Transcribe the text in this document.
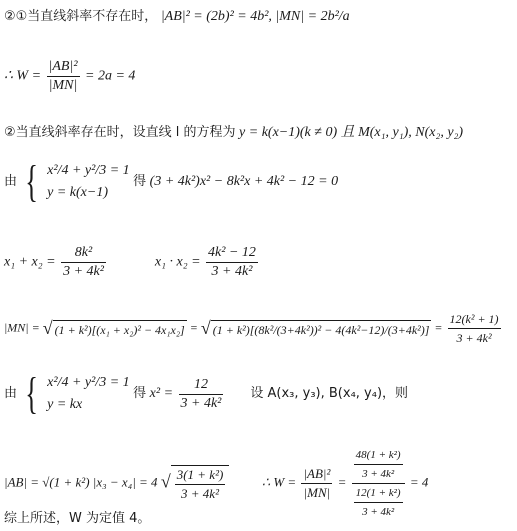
②①当直线斜率不存在时， |AB|² = (2b)² = 4b², |MN| = 2b²/a
∴ $W = \frac{\text{|AB|²}}{|MN|} = 2a = 4$
②当直线斜率存在时，设直线 l 的方程为 y = k(x−1)(k ≠ 0) 且 M(x₁, y₁), N(x₂, y₂)
由 { x²/4 + y²/3 = 1
y = k(x−1)
得 (3 + 4k²)x² − 8k²x + 4k² − 12 = 0
$x_1 + x_2 = \frac{\text{8k²}}{\text{3 + 4k²}}$	$x_1 \cdot x_2 = \frac{\text{4k² − 12}}{\text{3 + 4k²}}$
|MN| = √ (1 + k²)[(x₁ + x₂)² − 4x₁x₂] = √ $(1 + k^2)[(8k^2/(3+4k^2))^2 - 4(4k^2-12)/(3+4k^2)] = \frac{\text{12(k² + 1)}}{\text{3 + 4k²}}$
由 { x²/4 + y²/3 = 1
y = kx
得 $x^2 = \frac{12}{\text{3 + 4k²}}$ 设 A(x₃, y₃), B(x₄, y₄)，则
|AB| = √(1 + k²) |x₃ − x₄| = 4 √ $\frac{\text{3(1 + k²)}}{\text{3 + 4k²}}$	∴ $W = \frac{\text{|AB|²}}{|MN|} = \frac{\frac{\text{48(1 + k²)}}{\text{3 + 4k²}}}{\frac{\text{12(1 + k²)}}{\text{3 + 4k²}}} = 4$
综上所述，W 为定值 4。
